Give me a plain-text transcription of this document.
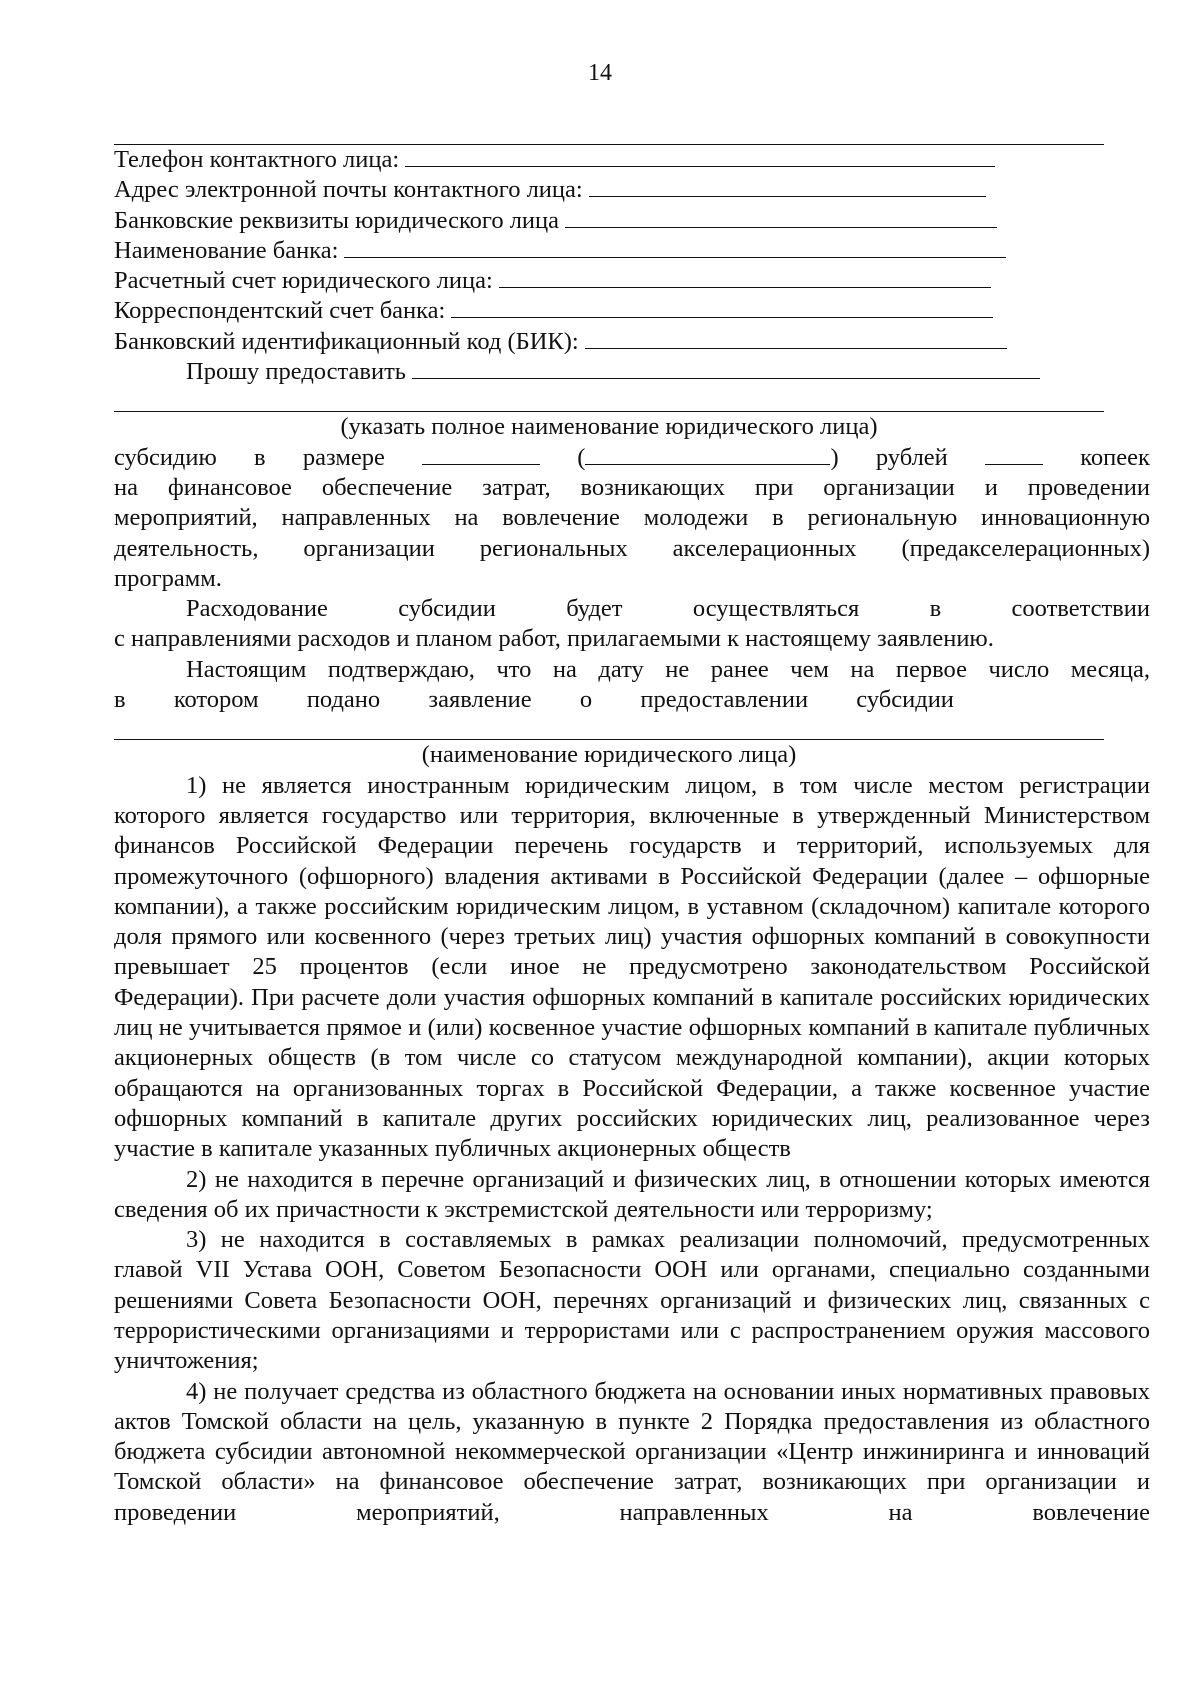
14
Телефон контактного лица:
Адрес электронной почты контактного лица:
Банковские реквизиты юридического лица
Наименование банка:
Расчетный счет юридического лица:
Корреспондентский счет банка:
Банковский идентификационный код (БИК):
Прошу предоставить
(указать полное наименование юридического лица)
субсидию в размере	(	) рублей	копеек
на финансовое обеспечение затрат, возникающих при организации и проведении
мероприятий, направленных на вовлечение молодежи в региональную инновационную
деятельность, организации региональных акселерационных (предакселерационных)
программ.
Расходование	субсидии	будет	осуществляться	в	соответствии
с направлениями расходов и планом работ, прилагаемыми к настоящему заявлению.
Настоящим подтверждаю, что на дату не ранее чем на первое число месяца,
в котором подано заявление о предоставлении субсидии
(наименование юридического лица)
1) не является иностранным юридическим лицом, в том числе местом регистрации которого является государство или территория, включенные в утвержденный Министерством финансов Российской Федерации перечень государств и территорий, используемых для промежуточного (офшорного) владения активами в Российской Федерации (далее – офшорные компании), а также российским юридическим лицом, в уставном (складочном) капитале которого доля прямого или косвенного (через третьих лиц) участия офшорных компаний в совокупности превышает 25 процентов (если иное не предусмотрено законодательством Российской Федерации). При расчете доли участия офшорных компаний в капитале российских юридических лиц не учитывается прямое и (или) косвенное участие офшорных компаний в капитале публичных акционерных обществ (в том числе со статусом международной компании), акции которых обращаются на организованных торгах в Российской Федерации, а также косвенное участие офшорных компаний в капитале других российских юридических лиц, реализованное через участие в капитале указанных публичных акционерных обществ
2) не находится в перечне организаций и физических лиц, в отношении которых имеются сведения об их причастности к экстремистской деятельности или терроризму;
3) не находится в составляемых в рамках реализации полномочий, предусмотренных главой VII Устава ООН, Советом Безопасности ООН или органами, специально созданными решениями Совета Безопасности ООН, перечнях организаций и физических лиц, связанных с террористическими организациями и террористами или с распространением оружия массового уничтожения;
4) не получает средства из областного бюджета на основании иных нормативных правовых актов Томской области на цель, указанную в пункте 2 Порядка предоставления из областного бюджета субсидии автономной некоммерческой организации «Центр инжиниринга и инноваций Томской области» на финансовое обеспечение затрат, возникающих при организации и проведении мероприятий, направленных на вовлечение
